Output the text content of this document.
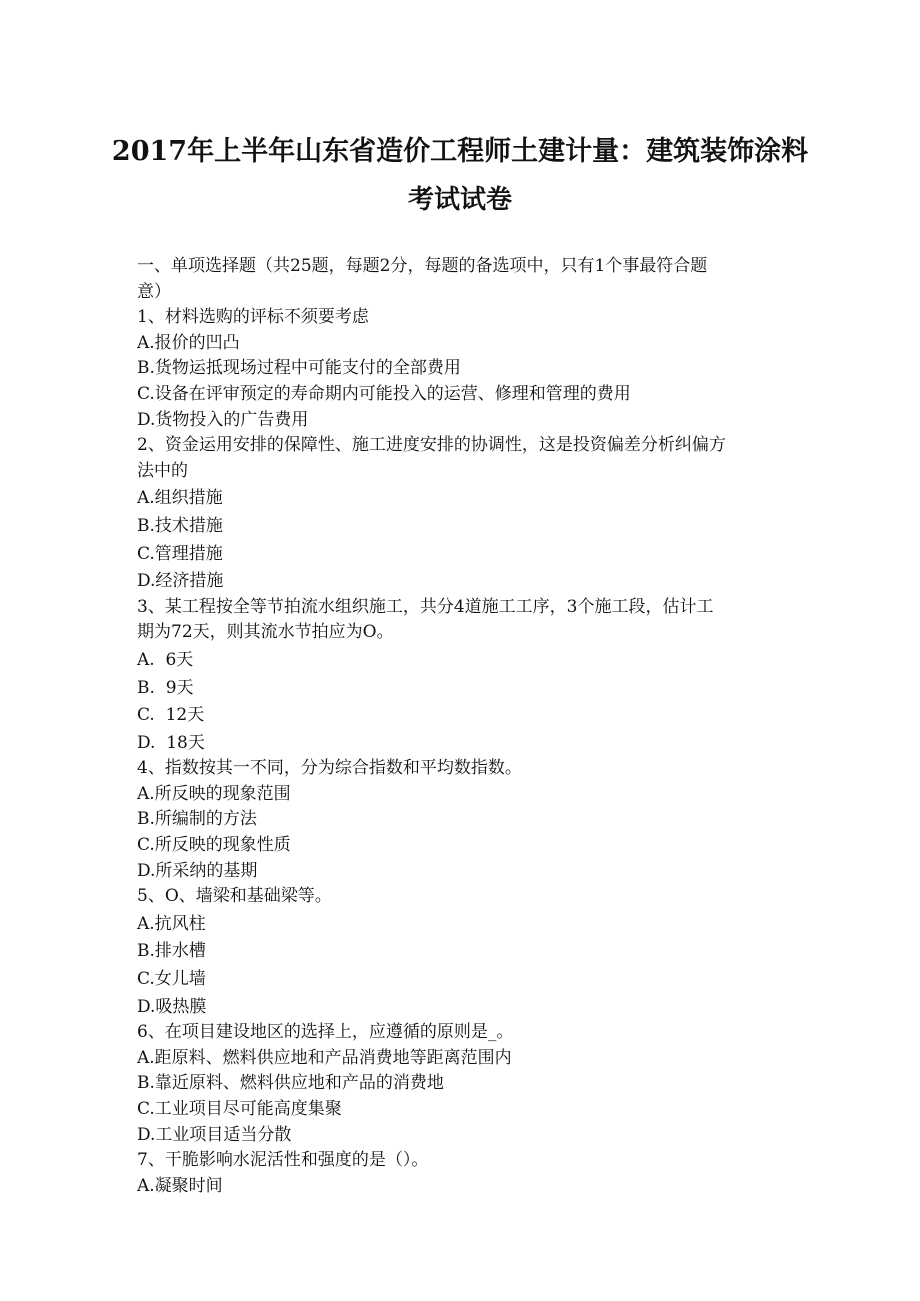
2017年上半年山东省造价工程师土建计量：建筑装饰涂料
考试试卷
一、单项选择题（共25题，每题2分，每题的备选项中，只有1个事最符合题
意）
1、材料选购的评标不须要考虑
A.报价的凹凸
B.货物运抵现场过程中可能支付的全部费用
C.设备在评审预定的寿命期内可能投入的运营、修理和管理的费用
D.货物投入的广告费用
2、资金运用安排的保障性、施工进度安排的协调性，这是投资偏差分析纠偏方
法中的
A.组织措施
B.技术措施
C.管理措施
D.经济措施
3、某工程按全等节拍流水组织施工，共分4道施工工序，3个施工段，估计工
期为72天，则其流水节拍应为O。
A.  6天
B.  9天
C.  12天
D.  18天
4、指数按其一不同，分为综合指数和平均数指数。
A.所反映的现象范围
B.所编制的方法
C.所反映的现象性质
D.所采纳的基期
5、O、墙梁和基础梁等。
A.抗风柱
B.排水槽
C.女儿墙
D.吸热膜
6、在项目建设地区的选择上，应遵循的原则是_。
A.距原料、燃料供应地和产品消费地等距离范围内
B.靠近原料、燃料供应地和产品的消费地
C.工业项目尽可能高度集聚
D.工业项目适当分散
7、干脆影响水泥活性和强度的是（）。
A.凝聚时间
